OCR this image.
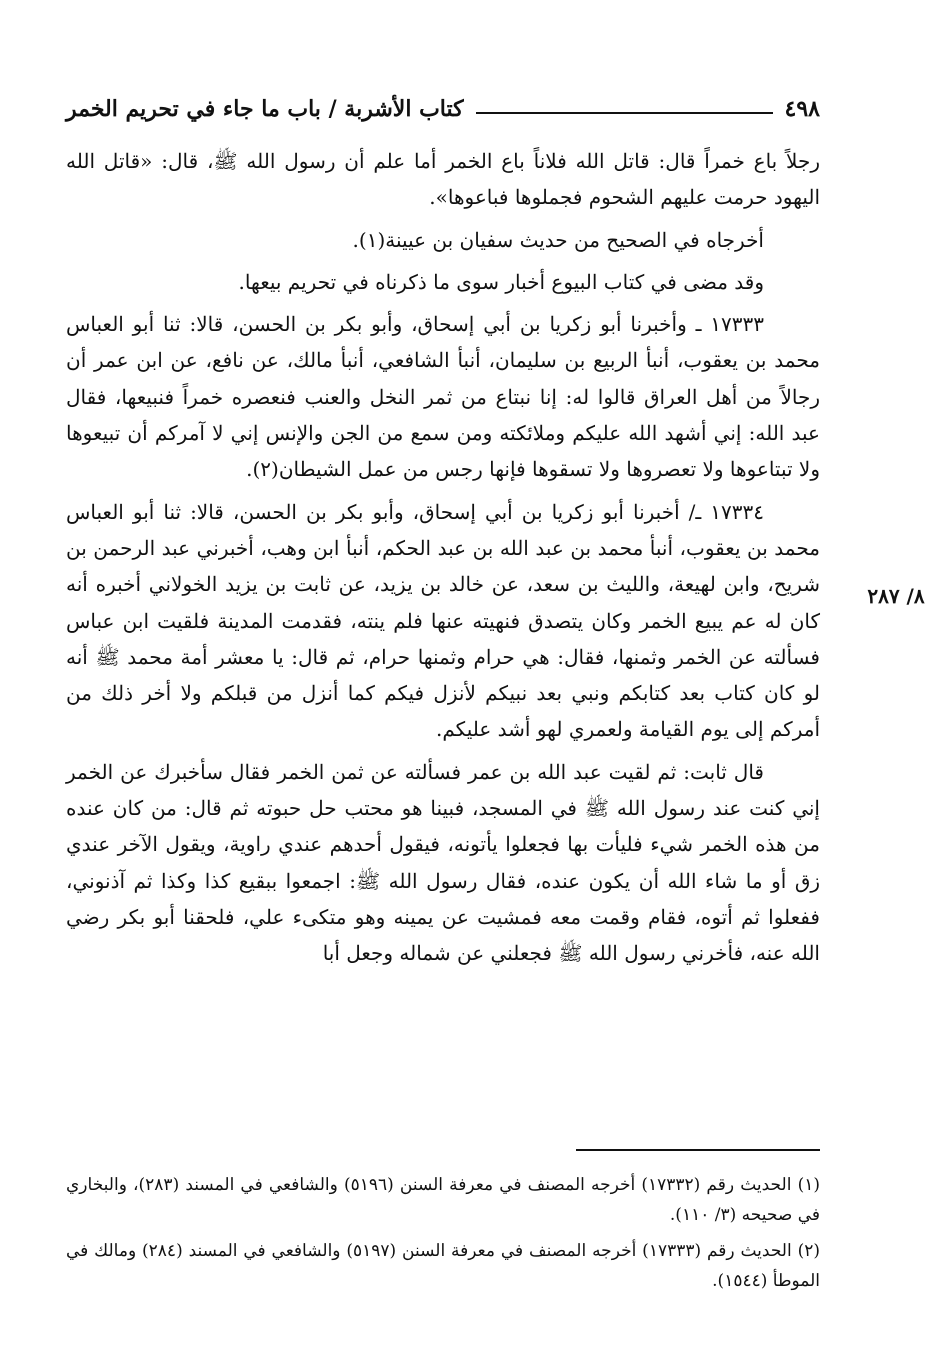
٤٩٨
كتاب الأشربة / باب ما جاء في تحريم الخمر
٨/ ٢٨٧

رجلاً باع خمراً قال: قاتل الله فلاناً باع الخمر أما علم أن رسول الله ﷺ، قال: «قاتل الله اليهود حرمت عليهم الشحوم فجملوها فباعوها».

أخرجاه في الصحيح من حديث سفيان بن عيينة(١).

وقد مضى في كتاب البيوع أخبار سوى ما ذكرناه في تحريم بيعها.

١٧٣٣٣ ـ وأخبرنا أبو زكريا بن أبي إسحاق، وأبو بكر بن الحسن، قالا: ثنا أبو العباس محمد بن يعقوب، أنبأ الربيع بن سليمان، أنبأ الشافعي، أنبأ مالك، عن نافع، عن ابن عمر أن رجالاً من أهل العراق قالوا له: إنا نبتاع من ثمر النخل والعنب فنعصره خمراً فنبيعها، فقال عبد الله: إني أشهد الله عليكم وملائكته ومن سمع من الجن والإنس إني لا آمركم أن تبيعوها ولا تبتاعوها ولا تعصروها ولا تسقوها فإنها رجس من عمل الشيطان(٢).

١٧٣٣٤ ـ/ أخبرنا أبو زكريا بن أبي إسحاق، وأبو بكر بن الحسن، قالا: ثنا أبو العباس محمد بن يعقوب، أنبأ محمد بن عبد الله بن عبد الحكم، أنبأ ابن وهب، أخبرني عبد الرحمن بن شريح، وابن لهيعة، والليث بن سعد، عن خالد بن يزيد، عن ثابت بن يزيد الخولاني أخبره أنه كان له عم يبيع الخمر وكان يتصدق فنهيته عنها فلم ينته، فقدمت المدينة فلقيت ابن عباس فسألته عن الخمر وثمنها، فقال: هي حرام وثمنها حرام، ثم قال: يا معشر أمة محمد ﷺ أنه لو كان كتاب بعد كتابكم ونبي بعد نبيكم لأنزل فيكم كما أنزل من قبلكم ولا أخر ذلك من أمركم إلى يوم القيامة ولعمري لهو أشد عليكم.

قال ثابت: ثم لقيت عبد الله بن عمر فسألته عن ثمن الخمر فقال سأخبرك عن الخمر إني كنت عند رسول الله ﷺ في المسجد، فبينا هو محتب حل حبوته ثم قال: من كان عنده من هذه الخمر شيء فليأت بها فجعلوا يأتونه، فيقول أحدهم عندي راوية، ويقول الآخر عندي زق أو ما شاء الله أن يكون عنده، فقال رسول الله ﷺ: اجمعوا ببقيع كذا وكذا ثم آذنوني، ففعلوا ثم أتوه، فقام وقمت معه فمشيت عن يمينه وهو متكىء علي، فلحقنا أبو بكر رضي الله عنه، فأخرني رسول الله ﷺ فجعلني عن شماله وجعل أبا

(١) الحديث رقم (١٧٣٣٢) أخرجه المصنف في معرفة السنن (٥١٩٦) والشافعي في المسند (٢٨٣)، والبخاري في صحيحه (٣/ ١١٠).

(٢) الحديث رقم (١٧٣٣٣) أخرجه المصنف في معرفة السنن (٥١٩٧) والشافعي في المسند (٢٨٤) ومالك في الموطأ (١٥٤٤).
